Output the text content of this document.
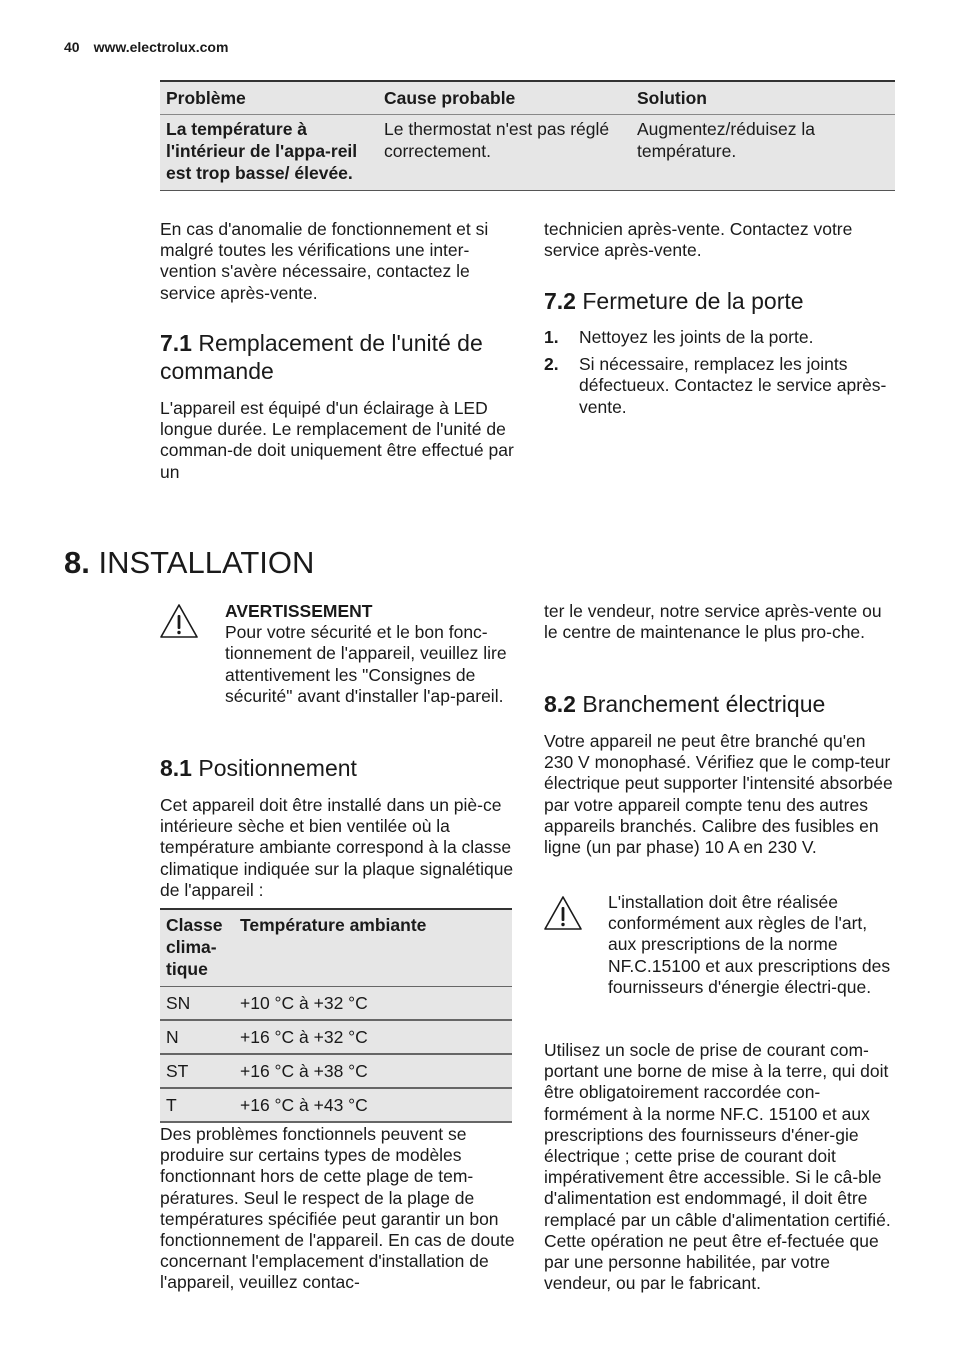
40 www.electrolux.com
Problème	Cause probable	Solution
La température à l'intérieur de l'appa-reil est trop basse/ élevée.	Le thermostat n'est pas réglé correctement.	Augmentez/réduisez la température.

En cas d'anomalie de fonctionnement et si malgré toutes les vérifications une inter-vention s'avère nécessaire, contactez le service après-vente.

7.1 Remplacement de l'unité de commande

L'appareil est équipé d'un éclairage à LED longue durée. Le remplacement de l'unité de comman-de doit uniquement être effectué par un

technicien après-vente. Contactez votre service après-vente.

7.2 Fermeture de la porte
1. Nettoyez les joints de la porte.
2. Si nécessaire, remplacez les joints défectueux. Contactez le service après-vente.
8. INSTALLATION
AVERTISSEMENT
Pour votre sécurité et le bon fonc-tionnement de l'appareil, veuillez lire attentivement les "Consignes de sécurité" avant d'installer l'ap-pareil.
8.1 Positionnement

Cet appareil doit être installé dans un piè-ce intérieure sèche et bien ventilée où la température ambiante correspond à la classe climatique indiquée sur la plaque signalétique de l'appareil :

Classe clima-tique	Température ambiante
SN	+10 °C à +32 °C
N	+16 °C à +32 °C
ST	+16 °C à +38 °C
T	+16 °C à +43 °C

Des problèmes fonctionnels peuvent se produire sur certains types de modèles fonctionnant hors de cette plage de tem-pératures. Seul le respect de la plage de températures spécifiée peut garantir un bon fonctionnement de l'appareil. En cas de doute concernant l'emplacement d'installation de l'appareil, veuillez contac-

ter le vendeur, notre service après-vente ou le centre de maintenance le plus pro-che.

8.2 Branchement électrique

Votre appareil ne peut être branché qu'en 230 V monophasé. Vérifiez que le comp-teur électrique peut supporter l'intensité absorbée par votre appareil compte tenu des autres appareils branchés. Calibre des fusibles en ligne (un par phase) 10 A en 230 V.

L'installation doit être réalisée conformément aux règles de l'art, aux prescriptions de la norme NF.C.15100 et aux prescriptions des fournisseurs d'énergie électri-que.

Utilisez un socle de prise de courant com-portant une borne de mise à la terre, qui doit être obligatoirement raccordée con-formément à la norme NF.C. 15100 et aux prescriptions des fournisseurs d'éner-gie électrique ; cette prise de courant doit impérativement être accessible. Si le câ-ble d'alimentation est endommagé, il doit être remplacé par un câble d'alimentation certifié. Cette opération ne peut être ef-fectuée que par une personne habilitée, par votre vendeur, ou par le fabricant.
